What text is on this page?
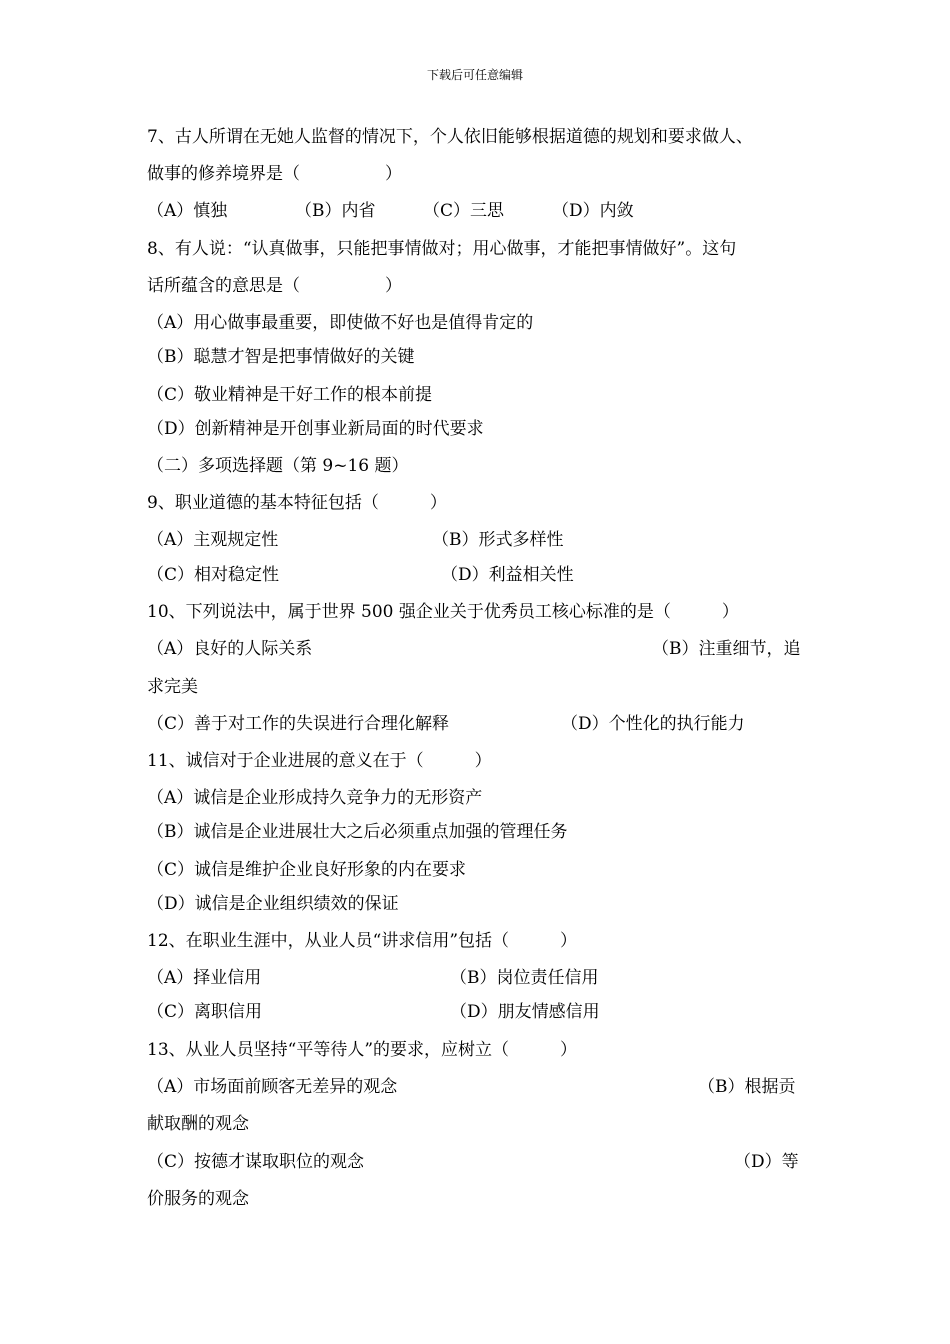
下载后可任意编辑

7、古人所谓在无她人监督的情况下，个人依旧能够根据道德的规划和要求做人、

做事的修养境界是（　　　　　）

（A）慎独	（B）内省	（C）三思	（D）内敛

8、有人说：“认真做事，只能把事情做对；用心做事，才能把事情做好”。这句

话所蕴含的意思是（　　　　　）

（A）用心做事最重要，即使做不好也是值得肯定的

（B）聪慧才智是把事情做好的关键

（C）敬业精神是干好工作的根本前提

（D）创新精神是开创事业新局面的时代要求

（二）多项选择题（第 9~16 题）

9、职业道德的基本特征包括（　　　）

（A）主观规定性	（B）形式多样性
（C）相对稳定性	（D）利益相关性

10、下列说法中，属于世界 500 强企业关于优秀员工核心标准的是（　　　）

（A）良好的人际关系	（B）注重细节，追

求完美

（C）善于对工作的失误进行合理化解释	（D）个性化的执行能力

11、诚信对于企业进展的意义在于（　　　）

（A）诚信是企业形成持久竞争力的无形资产

（B）诚信是企业进展壮大之后必须重点加强的管理任务

（C）诚信是维护企业良好形象的内在要求

（D）诚信是企业组织绩效的保证

12、在职业生涯中，从业人员“讲求信用”包括（　　　）

（A）择业信用	（B）岗位责任信用
（C）离职信用	（D）朋友情感信用

13、从业人员坚持“平等待人”的要求，应树立（　　　）

（A）市场面前顾客无差异的观念	（B）根据贡

献取酬的观念

（C）按德才谋取职位的观念	（D）等

价服务的观念
